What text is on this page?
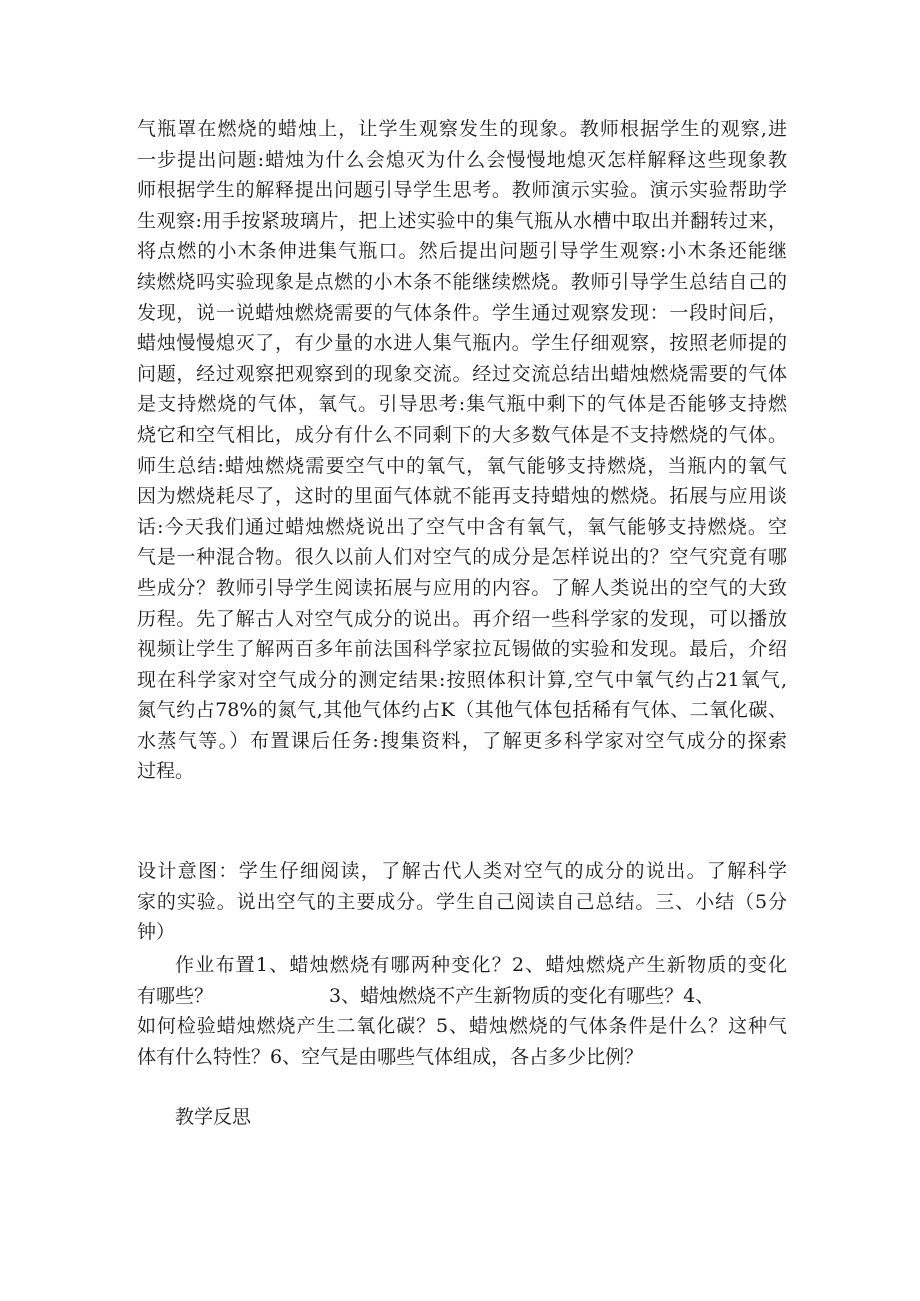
气瓶罩在燃烧的蜡烛上，让学生观察发生的现象。教师根据学生的观察,进
一步提出问题:蜡烛为什么会熄灭为什么会慢慢地熄灭怎样解释这些现象教
师根据学生的解释提出问题引导学生思考。教师演示实验。演示实验帮助学
生观察:用手按紧玻璃片，把上述实验中的集气瓶从水槽中取出并翻转过来，
将点燃的小木条伸进集气瓶口。然后提出问题引导学生观察:小木条还能继
续燃烧吗实验现象是点燃的小木条不能继续燃烧。教师引导学生总结自己的
发现，说一说蜡烛燃烧需要的气体条件。学生通过观察发现：一段时间后，
蜡烛慢慢熄灭了，有少量的水进人集气瓶内。学生仔细观察，按照老师提的
问题，经过观察把观察到的现象交流。经过交流总结出蜡烛燃烧需要的气体
是支持燃烧的气体，氧气。引导思考:集气瓶中剩下的气体是否能够支持燃
烧它和空气相比，成分有什么不同剩下的大多数气体是不支持燃烧的气体。
师生总结:蜡烛燃烧需要空气中的氧气，氧气能够支持燃烧，当瓶内的氧气
因为燃烧耗尽了，这时的里面气体就不能再支持蜡烛的燃烧。拓展与应用谈
话:今天我们通过蜡烛燃烧说出了空气中含有氧气，氧气能够支持燃烧。空
气是一种混合物。很久以前人们对空气的成分是怎样说出的？空气究竟有哪
些成分？教师引导学生阅读拓展与应用的内容。了解人类说出的空气的大致
历程。先了解古人对空气成分的说出。再介绍一些科学家的发现，可以播放
视频让学生了解两百多年前法国科学家拉瓦锡做的实验和发现。最后，介绍
现在科学家对空气成分的测定结果:按照体积计算,空气中氧气约占21氧气,
氮气约占78%的氮气,其他气体约占K（其他气体包括稀有气体、二氧化碳、
水蒸气等。）布置课后任务:搜集资料，了解更多科学家对空气成分的探索
过程。
设计意图：学生仔细阅读，了解古代人类对空气的成分的说出。了解科学
家的实验。说出空气的主要成分。学生自己阅读自己总结。三、小结（5分
钟）
作业布置1、蜡烛燃烧有哪两种变化？2、蜡烛燃烧产生新物质的变化
有哪些？	3、蜡烛燃烧不产生新物质的变化有哪些？4、
如何检验蜡烛燃烧产生二氧化碳？5、蜡烛燃烧的气体条件是什么？这种气
体有什么特性？6、空气是由哪些气体组成，各占多少比例？
教学反思
